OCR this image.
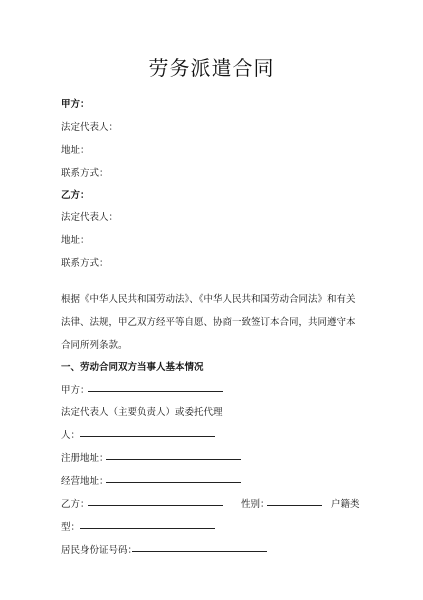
劳务派遣合同
甲方：
法定代表人：
地址：
联系方式：
乙方：
法定代表人：
地址：
联系方式：
根据《中华人民共和国劳动法》、《中华人民共和国劳动合同法》和有关法律、法规，甲乙双方经平等自愿、协商一致签订本合同，共同遵守本合同所列条款。
一、劳动合同双方当事人基本情况
甲方：
法定代表人（主要负责人）或委托代理
人：
注册地址：
经营地址：
乙方：	性别：	户籍类
型：
居民身份证号码：
